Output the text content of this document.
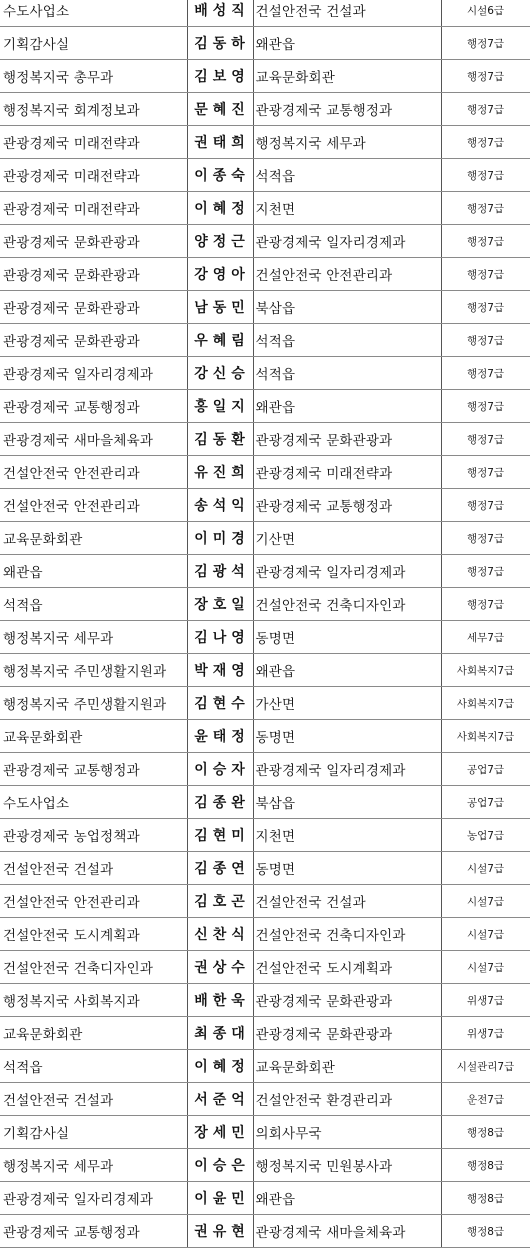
수도사업소	배성직	건설안전국 건설과	시설6급
기획감사실	김동하	왜관읍	행정7급
행정복지국 총무과	김보영	교육문화회관	행정7급
행정복지국 회계정보과	문혜진	관광경제국 교통행정과	행정7급
관광경제국 미래전략과	권태희	행정복지국 세무과	행정7급
관광경제국 미래전략과	이종숙	석적읍	행정7급
관광경제국 미래전략과	이혜정	지천면	행정7급
관광경제국 문화관광과	양정근	관광경제국 일자리경제과	행정7급
관광경제국 문화관광과	강영아	건설안전국 안전관리과	행정7급
관광경제국 문화관광과	남동민	북삼읍	행정7급
관광경제국 문화관광과	우혜림	석적읍	행정7급
관광경제국 일자리경제과	강신승	석적읍	행정7급
관광경제국 교통행정과	홍일지	왜관읍	행정7급
관광경제국 새마을체육과	김동환	관광경제국 문화관광과	행정7급
건설안전국 안전관리과	유진희	관광경제국 미래전략과	행정7급
건설안전국 안전관리과	송석익	관광경제국 교통행정과	행정7급
교육문화회관	이미경	기산면	행정7급
왜관읍	김광석	관광경제국 일자리경제과	행정7급
석적읍	장호일	건설안전국 건축디자인과	행정7급
행정복지국 세무과	김나영	동명면	세무7급
행정복지국 주민생활지원과	박재영	왜관읍	사회복지7급
행정복지국 주민생활지원과	김현수	가산면	사회복지7급
교육문화회관	윤태정	동명면	사회복지7급
관광경제국 교통행정과	이승자	관광경제국 일자리경제과	공업7급
수도사업소	김종완	북삼읍	공업7급
관광경제국 농업정책과	김현미	지천면	농업7급
건설안전국 건설과	김종연	동명면	시설7급
건설안전국 안전관리과	김호곤	건설안전국 건설과	시설7급
건설안전국 도시계획과	신찬식	건설안전국 건축디자인과	시설7급
건설안전국 건축디자인과	권상수	건설안전국 도시계획과	시설7급
행정복지국 사회복지과	배한욱	관광경제국 문화관광과	위생7급
교육문화회관	최종대	관광경제국 문화관광과	위생7급
석적읍	이혜정	교육문화회관	시설관리7급
건설안전국 건설과	서준억	건설안전국 환경관리과	운전7급
기획감사실	장세민	의회사무국	행정8급
행정복지국 세무과	이승은	행정복지국 민원봉사과	행정8급
관광경제국 일자리경제과	이윤민	왜관읍	행정8급
관광경제국 교통행정과	권유현	관광경제국 새마을체육과	행정8급
